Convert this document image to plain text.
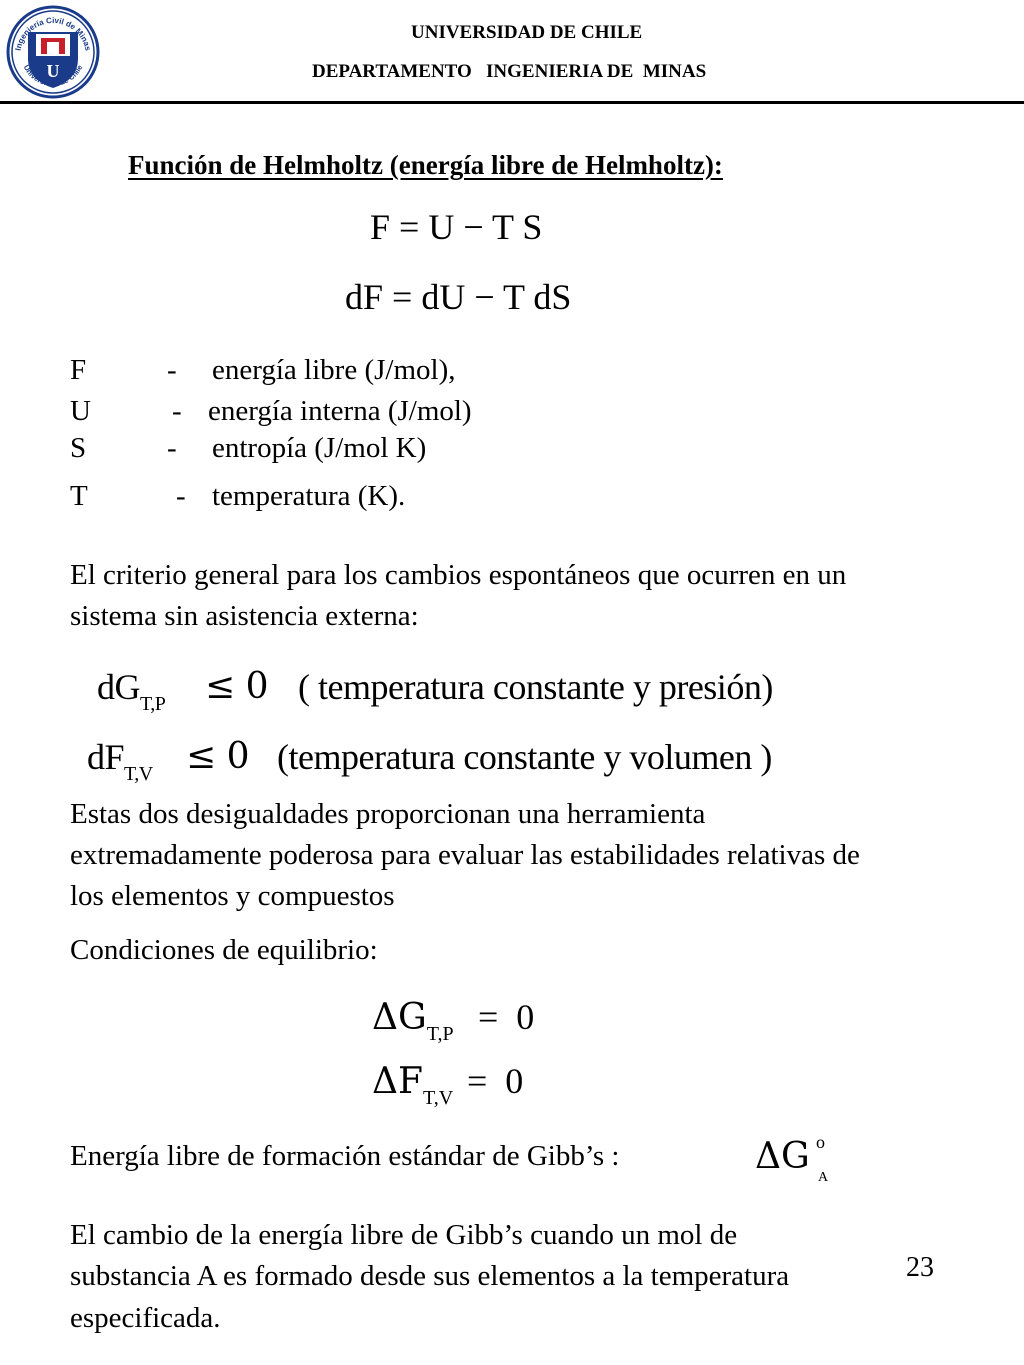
U
Ingeniería Civil de Minas
Universidad de Chile
UNIVERSIDAD DE CHILE
DEPARTAMENTO   INGENIERIA DE  MINAS
Función de Helmholtz (energía libre de Helmholtz):
F = U − T S
dF = dU − T dS
F	- energía libre (J/mol),
U	- energía interna (J/mol)
S	- entropía (J/mol K)
T	- temperatura (K).
El criterio general para los cambios espontáneos que ocurren en un
sistema sin asistencia externa:
$dG_{T,P} \le 0$ ( temperatura constante y presión)
$dF_{T,V} \le 0$ (temperatura constante y volumen )
Estas dos desigualdades proporcionan una herramienta
extremadamente poderosa para evaluar las estabilidades relativas de
los elementos y compuestos
Condiciones de equilibrio:
$\Delta G_{T,P} = 0$
$\Delta F_{T,V} = 0$
Energía libre de formación estándar de Gibb’s :	ΔG o
A
El cambio de la energía libre de Gibb’s cuando un mol de
substancia A es formado desde sus elementos a la temperatura
especificada.
23
